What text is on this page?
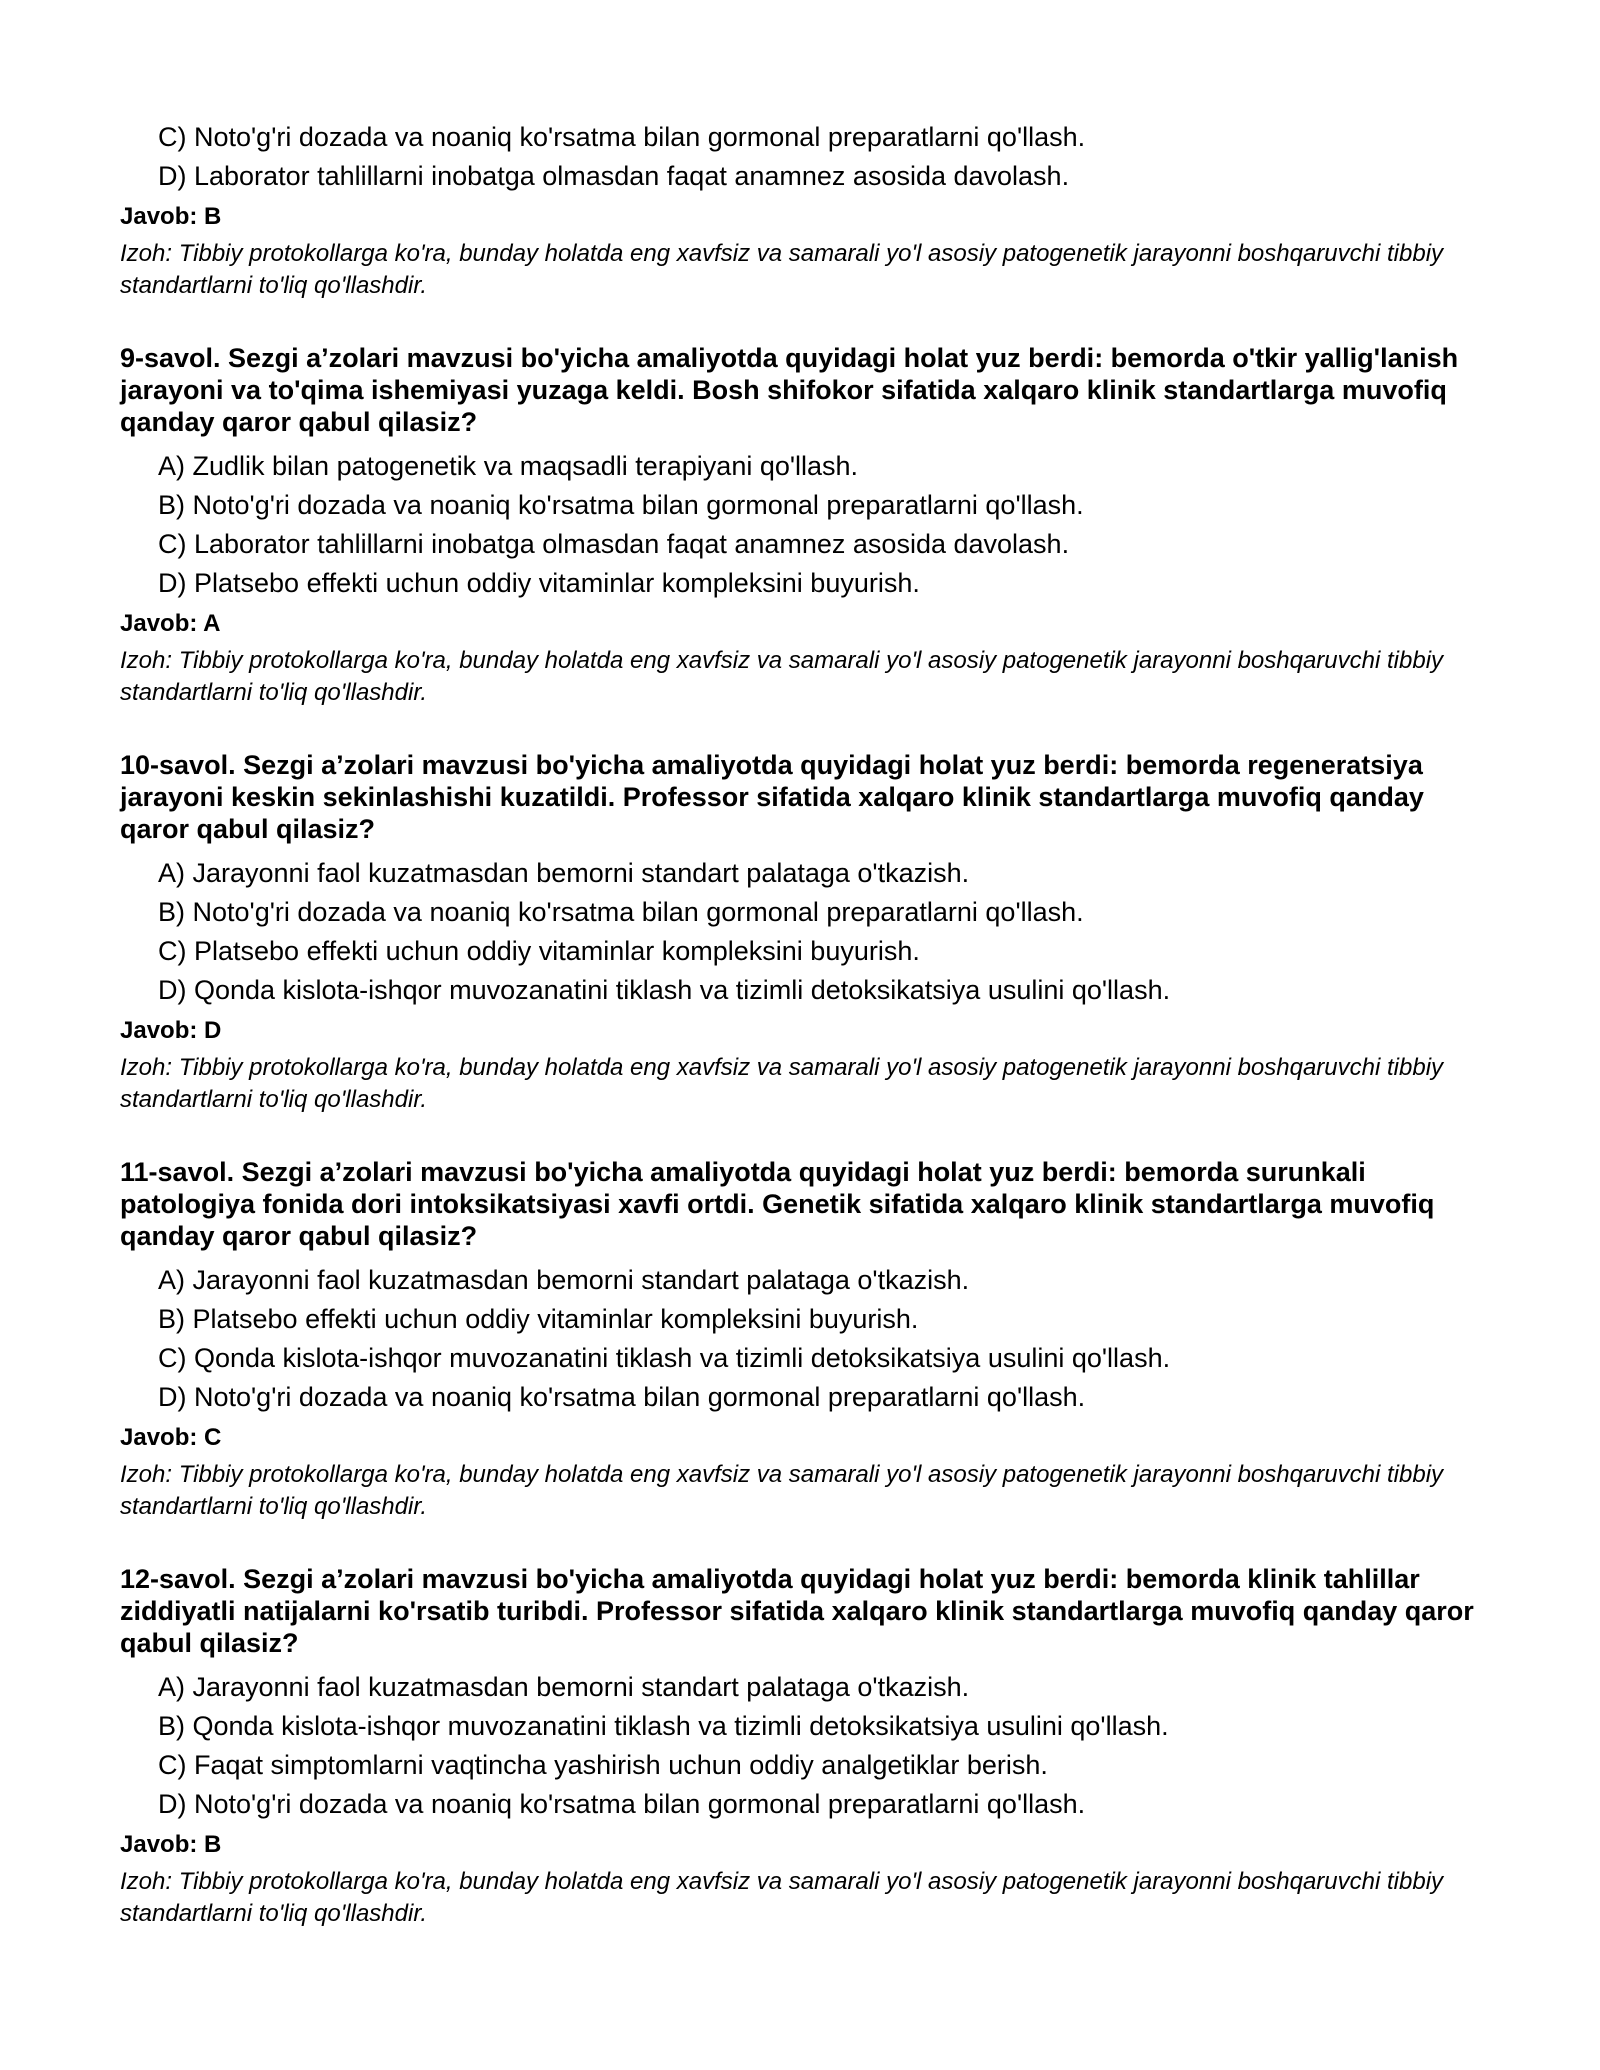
C) Noto'g'ri dozada va noaniq ko'rsatma bilan gormonal preparatlarni qo'llash.
D) Laborator tahlillarni inobatga olmasdan faqat anamnez asosida davolash.
Javob: B
Izoh: Tibbiy protokollarga ko'ra, bunday holatda eng xavfsiz va samarali yo'l asosiy patogenetik jarayonni boshqaruvchi tibbiy standartlarni to'liq qo'llashdir.
9-savol. Sezgi a’zolari mavzusi bo'yicha amaliyotda quyidagi holat yuz berdi: bemorda o'tkir yallig'lanish jarayoni va to'qima ishemiyasi yuzaga keldi. Bosh shifokor sifatida xalqaro klinik standartlarga muvofiq qanday qaror qabul qilasiz?
A) Zudlik bilan patogenetik va maqsadli terapiyani qo'llash.
B) Noto'g'ri dozada va noaniq ko'rsatma bilan gormonal preparatlarni qo'llash.
C) Laborator tahlillarni inobatga olmasdan faqat anamnez asosida davolash.
D) Platsebo effekti uchun oddiy vitaminlar kompleksini buyurish.
Javob: A
Izoh: Tibbiy protokollarga ko'ra, bunday holatda eng xavfsiz va samarali yo'l asosiy patogenetik jarayonni boshqaruvchi tibbiy standartlarni to'liq qo'llashdir.
10-savol. Sezgi a’zolari mavzusi bo'yicha amaliyotda quyidagi holat yuz berdi: bemorda regeneratsiya jarayoni keskin sekinlashishi kuzatildi. Professor sifatida xalqaro klinik standartlarga muvofiq qanday qaror qabul qilasiz?
A) Jarayonni faol kuzatmasdan bemorni standart palataga o'tkazish.
B) Noto'g'ri dozada va noaniq ko'rsatma bilan gormonal preparatlarni qo'llash.
C) Platsebo effekti uchun oddiy vitaminlar kompleksini buyurish.
D) Qonda kislota-ishqor muvozanatini tiklash va tizimli detoksikatsiya usulini qo'llash.
Javob: D
Izoh: Tibbiy protokollarga ko'ra, bunday holatda eng xavfsiz va samarali yo'l asosiy patogenetik jarayonni boshqaruvchi tibbiy standartlarni to'liq qo'llashdir.
11-savol. Sezgi a’zolari mavzusi bo'yicha amaliyotda quyidagi holat yuz berdi: bemorda surunkali patologiya fonida dori intoksikatsiyasi xavfi ortdi. Genetik sifatida xalqaro klinik standartlarga muvofiq qanday qaror qabul qilasiz?
A) Jarayonni faol kuzatmasdan bemorni standart palataga o'tkazish.
B) Platsebo effekti uchun oddiy vitaminlar kompleksini buyurish.
C) Qonda kislota-ishqor muvozanatini tiklash va tizimli detoksikatsiya usulini qo'llash.
D) Noto'g'ri dozada va noaniq ko'rsatma bilan gormonal preparatlarni qo'llash.
Javob: C
Izoh: Tibbiy protokollarga ko'ra, bunday holatda eng xavfsiz va samarali yo'l asosiy patogenetik jarayonni boshqaruvchi tibbiy standartlarni to'liq qo'llashdir.
12-savol. Sezgi a’zolari mavzusi bo'yicha amaliyotda quyidagi holat yuz berdi: bemorda klinik tahlillar ziddiyatli natijalarni ko'rsatib turibdi. Professor sifatida xalqaro klinik standartlarga muvofiq qanday qaror qabul qilasiz?
A) Jarayonni faol kuzatmasdan bemorni standart palataga o'tkazish.
B) Qonda kislota-ishqor muvozanatini tiklash va tizimli detoksikatsiya usulini qo'llash.
C) Faqat simptomlarni vaqtincha yashirish uchun oddiy analgetiklar berish.
D) Noto'g'ri dozada va noaniq ko'rsatma bilan gormonal preparatlarni qo'llash.
Javob: B
Izoh: Tibbiy protokollarga ko'ra, bunday holatda eng xavfsiz va samarali yo'l asosiy patogenetik jarayonni boshqaruvchi tibbiy standartlarni to'liq qo'llashdir.
